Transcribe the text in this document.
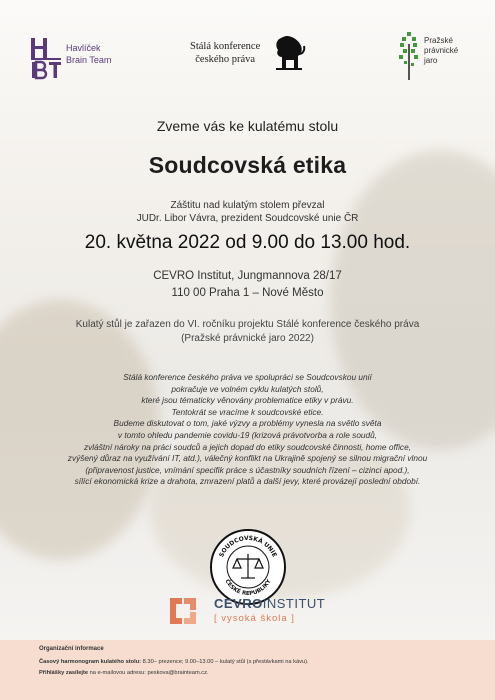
Havlíček
Brain Team
Stálá konference
českého práva
Pražské
právnické
jaro
Zveme vás ke kulatému stolu
Soudcovská etika
Záštitu nad kulatým stolem převzal
JUDr. Libor Vávra, prezident Soudcovské unie ČR
20. května 2022 od 9.00 do 13.00 hod.
CEVRO Institut, Jungmannova 28/17
110 00 Praha 1 – Nové Město
Kulatý stůl je zařazen do VI. ročníku projektu Stálé konference českého práva
(Pražské právnické jaro 2022)
Stálá konference českého práva ve spolupráci se Soudcovskou unií
pokračuje ve volném cyklu kulatých stolů,
které jsou tématicky věnovány problematice etiky v právu.
Tentokrát se vracíme k soudcovské etice.
Budeme diskutovat o tom, jaké výzvy a problémy vynesla na světlo světa
v tomto ohledu pandemie covidu-19 (krizová právotvorba a role soudů,
zvláštní nároky na práci soudců a jejich dopad do etiky soudcovské činnosti, home office,
zvýšený důraz na využívání IT, atd.), válečný konflikt na Ukrajině spojený se silnou migrační vlnou
(připravenost justice, vnímání specifik práce s účastníky soudních řízení – cizinci apod.),
sílící ekonomická krize a drahota, zmrazení platů a další jevy, které provázejí poslední období.
SOUDCOVSKÁ UNIE
ČESKÉ REPUBLIKY
CEVROINSTITUT
[ vysoká škola ]
Organizační informace
Časový harmonogram kulatého stolu: 8.30– prezence; 9.00–13.00 – kulatý stůl (s přestávkami na kávu).
Přihlášky zasílejte na e-mailovou adresu: peskova@brainteam.cz.
